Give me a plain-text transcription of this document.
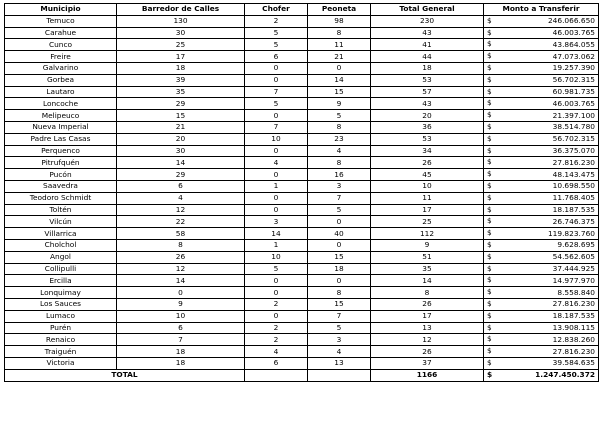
Municipio	Barredor de Calles	Chofer	Peoneta	Total General	Monto a Transferir
Temuco	130	2	98	230	$ 246.066.650
Carahue	30	5	8	43	$ 46.003.765
Cunco	25	5	11	41	$ 43.864.055
Freire	17	6	21	44	$ 47.073.062
Galvarino	18	0	0	18	$ 19.257.390
Gorbea	39	0	14	53	$ 56.702.315
Lautaro	35	7	15	57	$ 60.981.735
Loncoche	29	5	9	43	$ 46.003.765
Melipeuco	15	0	5	20	$ 21.397.100
Nueva Imperial	21	7	8	36	$ 38.514.780
Padre Las Casas	20	10	23	53	$ 56.702.315
Perquenco	30	0	4	34	$ 36.375.070
Pitrufquén	14	4	8	26	$ 27.816.230
Pucón	29	0	16	45	$ 48.143.475
Saavedra	6	1	3	10	$ 10.698.550
Teodoro Schmidt	4	0	7	11	$ 11.768.405
Toltén	12	0	5	17	$ 18.187.535
Vilcún	22	3	0	25	$ 26.746.375
Villarrica	58	14	40	112	$ 119.823.760
Cholchol	8	1	0	9	$ 9.628.695
Angol	26	10	15	51	$ 54.562.605
Collipulli	12	5	18	35	$ 37.444.925
Ercilla	14	0	0	14	$ 14.977.970
Lonquimay	0	0	8	8	$ 8.558.840
Los Sauces	9	2	15	26	$ 27.816.230
Lumaco	10	0	7	17	$ 18.187.535
Purén	6	2	5	13	$ 13.908.115
Renaico	7	2	3	12	$ 12.838.260
Traiguén	18	4	4	26	$ 27.816.230
Victoria	18	6	13	37	$ 39.584.635
TOTAL				1166	$ 1.247.450.372
